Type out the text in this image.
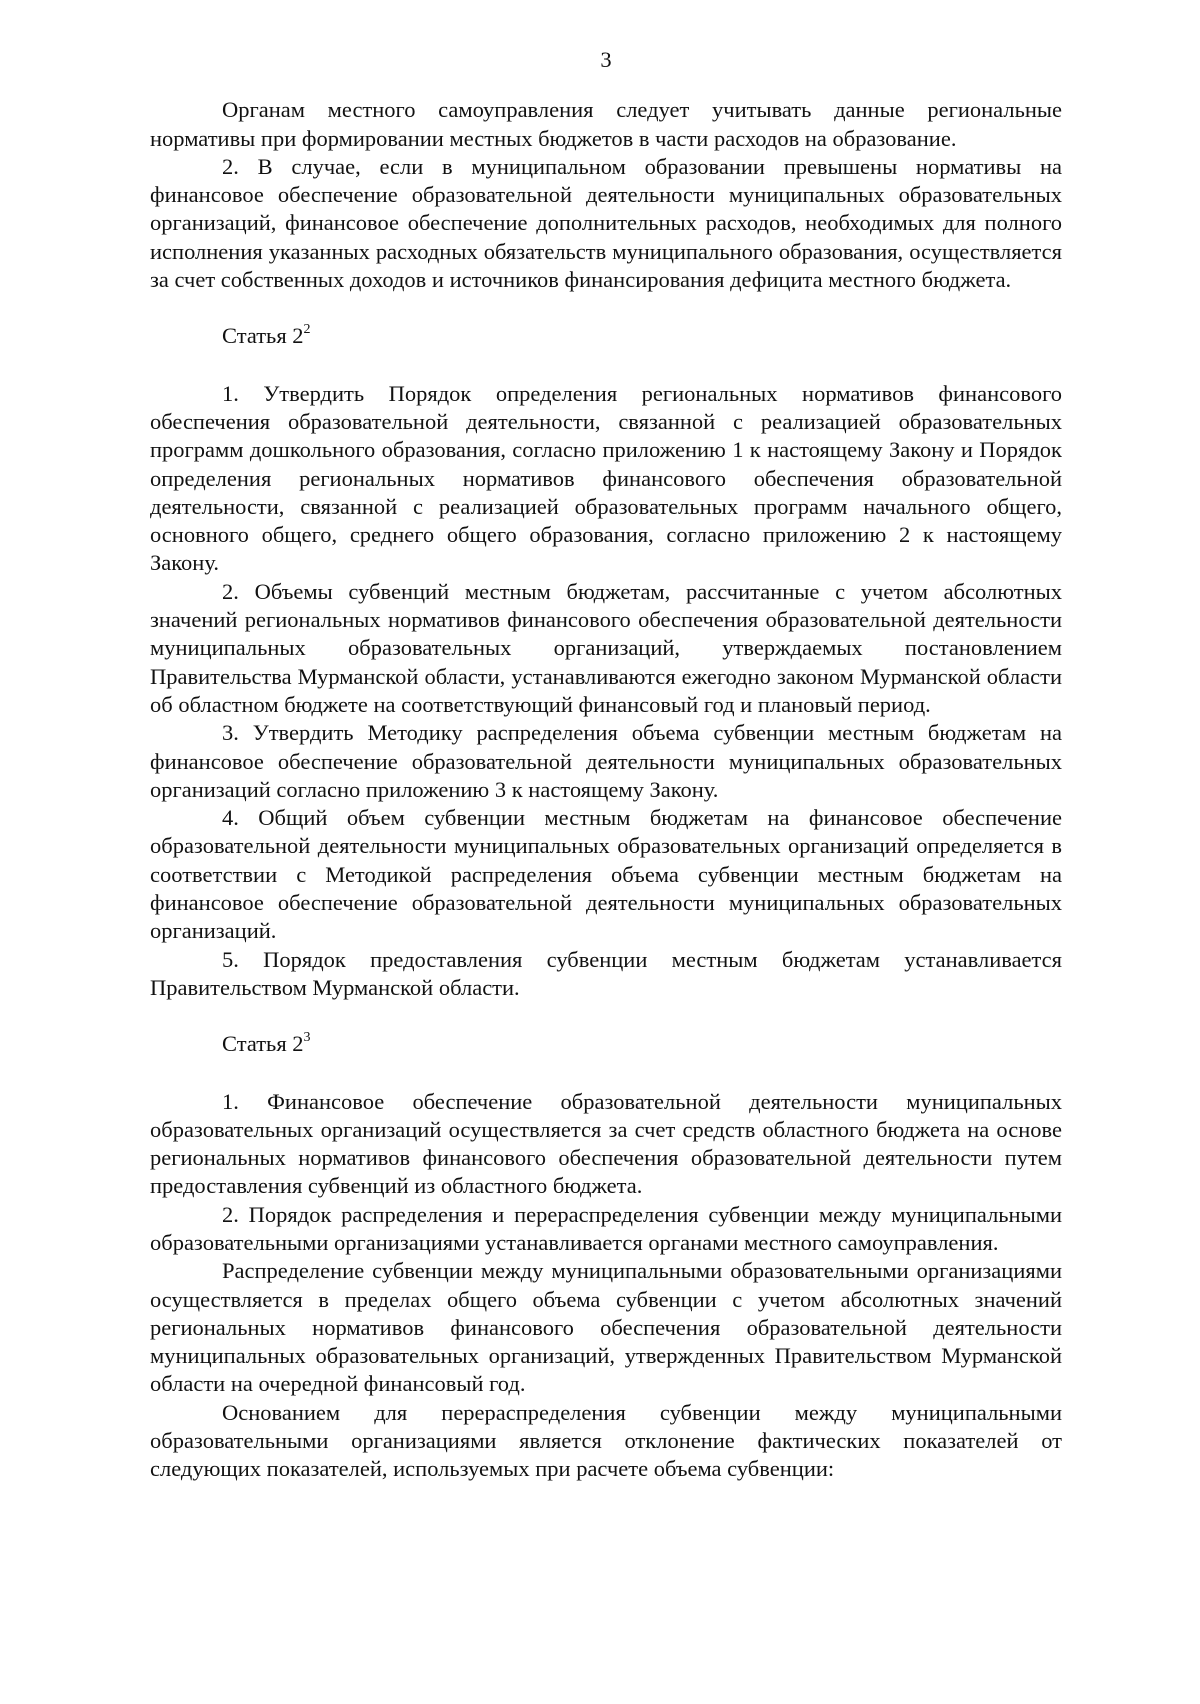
3

Органам местного самоуправления следует учитывать данные региональные нормативы при формировании местных бюджетов в части расходов на образование.

2. В случае, если в муниципальном образовании превышены нормативы на финансовое обеспечение образовательной деятельности муниципальных образовательных организаций, финансовое обеспечение дополнительных расходов, необходимых для полного исполнения указанных расходных обязательств муниципального образования, осуществляется за счет собственных доходов и источников финансирования дефицита местного бюджета.

Статья $2^2$

1. Утвердить Порядок определения региональных нормативов финансового обеспечения образовательной деятельности, связанной с реализацией образовательных программ дошкольного образования, согласно приложению 1 к настоящему Закону и Порядок определения региональных нормативов финансового обеспечения образовательной деятельности, связанной с реализацией образовательных программ начального общего, основного общего, среднего общего образования, согласно приложению 2 к настоящему Закону.

2. Объемы субвенций местным бюджетам, рассчитанные с учетом абсолютных значений региональных нормативов финансового обеспечения образовательной деятельности муниципальных образовательных организаций, утверждаемых постановлением Правительства Мурманской области, устанавливаются ежегодно законом Мурманской области об областном бюджете на соответствующий финансовый год и плановый период.

3. Утвердить Методику распределения объема субвенции местным бюджетам на финансовое обеспечение образовательной деятельности муниципальных образовательных организаций согласно приложению 3 к настоящему Закону.

4. Общий объем субвенции местным бюджетам на финансовое обеспечение образовательной деятельности муниципальных образовательных организаций определяется в соответствии с Методикой распределения объема субвенции местным бюджетам на финансовое обеспечение образовательной деятельности муниципальных образовательных организаций.

5. Порядок предоставления субвенции местным бюджетам устанавливается Правительством Мурманской области.

Статья $2^3$

1. Финансовое обеспечение образовательной деятельности муниципальных образовательных организаций осуществляется за счет средств областного бюджета на основе региональных нормативов финансового обеспечения образовательной деятельности путем предоставления субвенций из областного бюджета.

2. Порядок распределения и перераспределения субвенции между муниципальными образовательными организациями устанавливается органами местного самоуправления.

Распределение субвенции между муниципальными образовательными организациями осуществляется в пределах общего объема субвенции с учетом абсолютных значений региональных нормативов финансового обеспечения образовательной деятельности муниципальных образовательных организаций, утвержденных Правительством Мурманской области на очередной финансовый год.

Основанием для перераспределения субвенции между муниципальными образовательными организациями является отклонение фактических показателей от следующих показателей, используемых при расчете объема субвенции:
